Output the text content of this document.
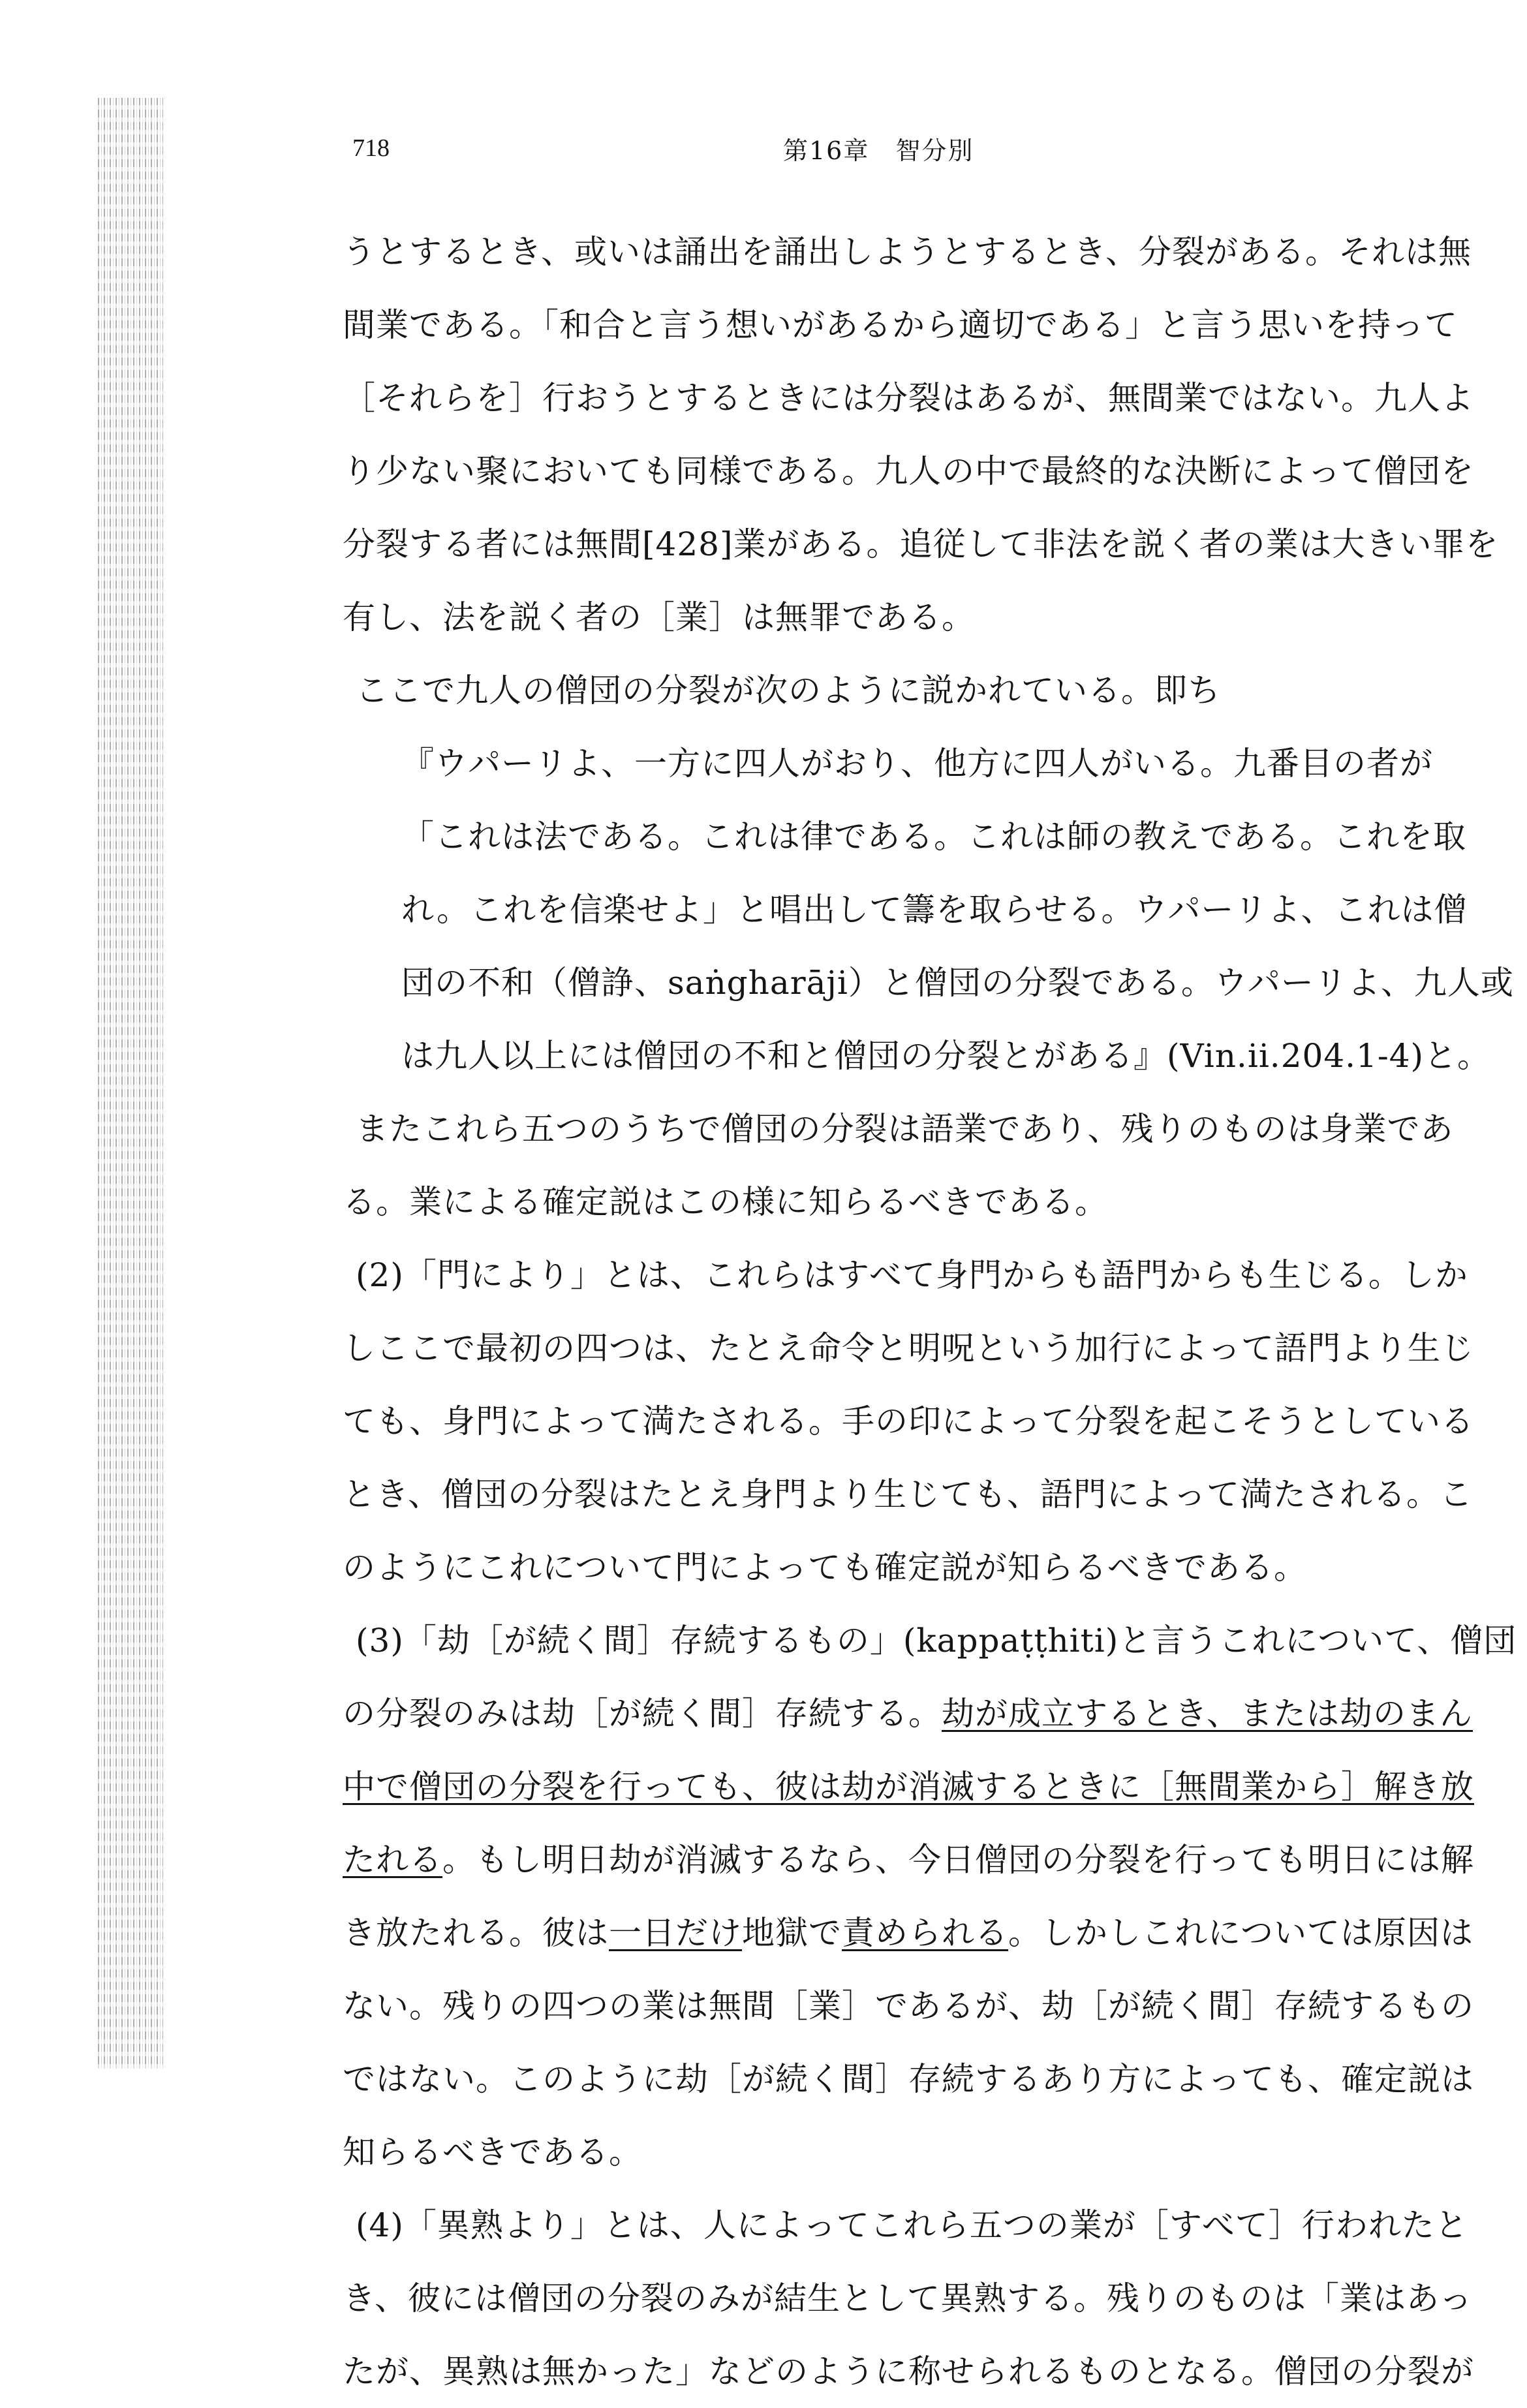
718	第16章　智分別

うとするとき、或いは誦出を誦出しようとするとき、分裂がある。それは無

間業である。「和合と言う想いがあるから適切である」と言う思いを持って

［それらを］行おうとするときには分裂はあるが、無間業ではない。九人よ

り少ない聚においても同様である。九人の中で最終的な決断によって僧団を

分裂する者には無間[428]業がある。追従して非法を説く者の業は大きい罪を

有し、法を説く者の［業］は無罪である。

ここで九人の僧団の分裂が次のように説かれている。即ち

『ウパーリよ、一方に四人がおり、他方に四人がいる。九番目の者が

「これは法である。これは律である。これは師の教えである。これを取

れ。これを信楽せよ」と唱出して籌を取らせる。ウパーリよ、これは僧

団の不和（僧諍、saṅgharāji）と僧団の分裂である。ウパーリよ、九人或

は九人以上には僧団の不和と僧団の分裂とがある』(Vin.ii.204.1-4)と。

またこれら五つのうちで僧団の分裂は語業であり、残りのものは身業であ

る。業による確定説はこの様に知らるべきである。

(2)「門により」とは、これらはすべて身門からも語門からも生じる。しか

しここで最初の四つは、たとえ命令と明呪という加行によって語門より生じ

ても、身門によって満たされる。手の印によって分裂を起こそうとしている

とき、僧団の分裂はたとえ身門より生じても、語門によって満たされる。こ

のようにこれについて門によっても確定説が知らるべきである。

(3)「劫［が続く間］存続するもの」(kappaṭṭhiti)と言うこれについて、僧団

の分裂のみは劫［が続く間］存続する。劫が成立するとき、または劫のまん

中で僧団の分裂を行っても、彼は劫が消滅するときに［無間業から］解き放

たれる。もし明日劫が消滅するなら、今日僧団の分裂を行っても明日には解

き放たれる。彼は一日だけ地獄で責められる。しかしこれについては原因は

ない。残りの四つの業は無間［業］であるが、劫［が続く間］存続するもの

ではない。このように劫［が続く間］存続するあり方によっても、確定説は

知らるべきである。

(4)「異熟より」とは、人によってこれら五つの業が［すべて］行われたと

き、彼には僧団の分裂のみが結生として異熟する。残りのものは「業はあっ

たが、異熟は無かった」などのように称せられるものとなる。僧団の分裂が
